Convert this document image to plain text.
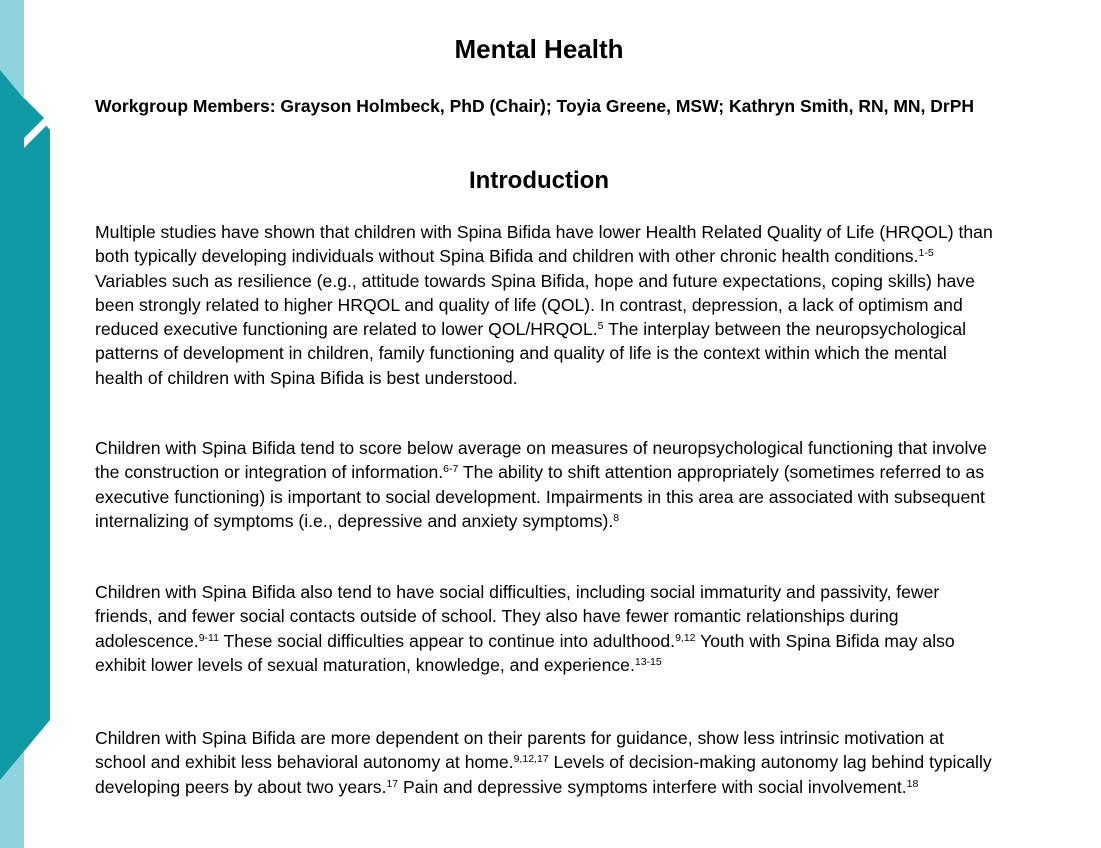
Mental Health
Workgroup Members: Grayson Holmbeck, PhD (Chair); Toyia Greene, MSW; Kathryn Smith, RN, MN, DrPH
Introduction

Multiple studies have shown that children with Spina Bifida have lower Health Related Quality of Life (HRQOL) than both typically developing individuals without Spina Bifida and children with other chronic health conditions.$^{1-5}$ Variables such as resilience (e.g., attitude towards Spina Bifida, hope and future expectations, coping skills) have been strongly related to higher HRQOL and quality of life (QOL). In contrast, depression, a lack of optimism and reduced executive functioning are related to lower QOL/HRQOL.$^5$ The interplay between the neuropsychological patterns of development in children, family functioning and quality of life is the context within which the mental health of children with Spina Bifida is best understood.

Children with Spina Bifida tend to score below average on measures of neuropsychological functioning that involve the construction or integration of information.$^{6-7}$ The ability to shift attention appropriately (sometimes referred to as executive functioning) is important to social development. Impairments in this area are associated with subsequent internalizing of symptoms (i.e., depressive and anxiety symptoms).$^8$

Children with Spina Bifida also tend to have social difficulties, including social immaturity and passivity, fewer friends, and fewer social contacts outside of school. They also have fewer romantic relationships during adolescence.$^{9-11}$ These social difficulties appear to continue into adulthood.$^{9,12}$ Youth with Spina Bifida may also exhibit lower levels of sexual maturation, knowledge, and experience.$^{13-15}$

Children with Spina Bifida are more dependent on their parents for guidance, show less intrinsic motivation at school and exhibit less behavioral autonomy at home.$^{9,12,17}$ Levels of decision-making autonomy lag behind typically developing peers by about two years.$^{17}$ Pain and depressive symptoms interfere with social involvement.$^{18}$
